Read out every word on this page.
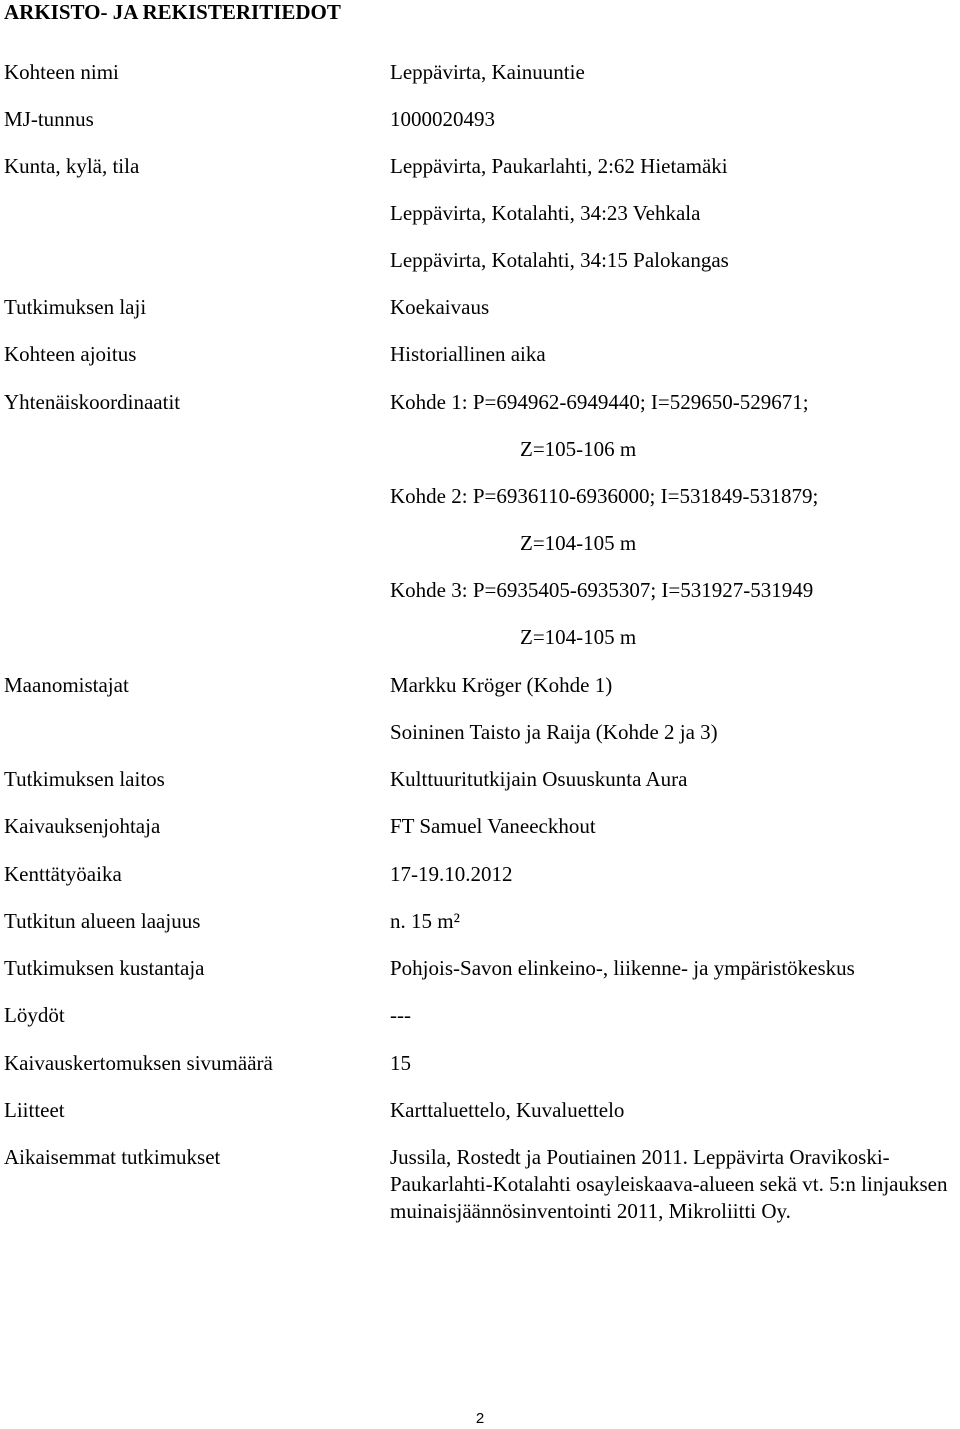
ARKISTO- JA REKISTERITIEDOT
Kohteen nimi	Leppävirta, Kainuuntie
MJ-tunnus	1000020493
Kunta, kylä, tila	Leppävirta, Paukarlahti, 2:62 Hietamäki
Leppävirta, Kotalahti, 34:23 Vehkala
Leppävirta, Kotalahti, 34:15 Palokangas
Tutkimuksen laji	Koekaivaus
Kohteen ajoitus	Historiallinen aika
Yhtenäiskoordinaatit	Kohde 1: P=694962-6949440; I=529650-529671;
Z=105-106 m
Kohde 2: P=6936110-6936000; I=531849-531879;
Z=104-105 m
Kohde 3: P=6935405-6935307; I=531927-531949
Z=104-105 m
Maanomistajat	Markku Kröger (Kohde 1)
Soininen Taisto ja Raija (Kohde 2 ja 3)
Tutkimuksen laitos	Kulttuuritutkijain Osuuskunta Aura
Kaivauksenjohtaja	FT Samuel Vaneeckhout
Kenttätyöaika	17-19.10.2012
Tutkitun alueen laajuus	n. 15 m²
Tutkimuksen kustantaja	Pohjois-Savon elinkeino-, liikenne- ja ympäristökeskus
Löydöt	---
Kaivauskertomuksen sivumäärä	15
Liitteet	Karttaluettelo, Kuvaluettelo
Aikaisemmat tutkimukset	Jussila, Rostedt ja Poutiainen 2011. Leppävirta Oravikoski-Paukarlahti-Kotalahti osayleiskaava-alueen sekä vt. 5:n linjauksen muinaisjäännösinventointi 2011, Mikroliitti Oy.
2
